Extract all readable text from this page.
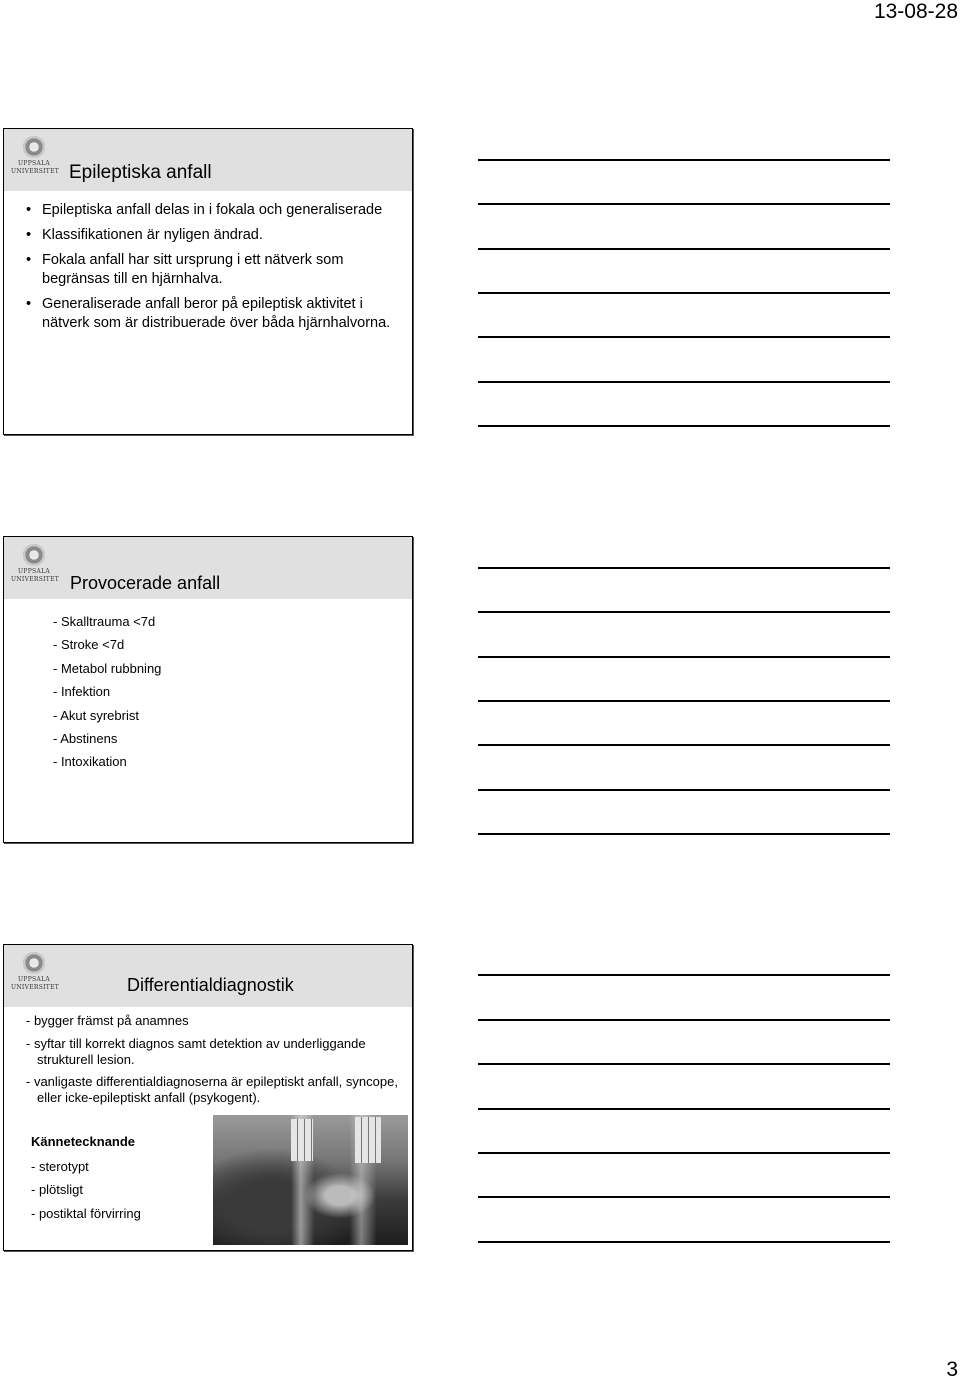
13-08-28
UPPSALA
UNIVERSITET Epileptiska anfall
• Epileptiska anfall delas in i fokala och generaliserade
• Klassifikationen är nyligen ändrad.
• Fokala anfall har sitt ursprung i ett nätverk som begränsas till en hjärnhalva.
• Generaliserade anfall beror på epileptisk aktivitet i nätverk som är distribuerade över båda hjärnhalvorna.
UPPSALA
UNIVERSITET Provocerade anfall
- Skalltrauma <7d
- Stroke <7d
- Metabol rubbning
- Infektion
- Akut syrebrist
- Abstinens
- Intoxikation
UPPSALA
UNIVERSITET	Differentialdiagnostik
- bygger främst på anamnes
- syftar till korrekt diagnos samt detektion av underliggande strukturell lesion.
- vanligaste differentialdiagnoserna är epileptiskt anfall, syncope, eller icke-epileptiskt anfall (psykogent).
Kännetecknande
- sterotypt
- plötsligt
- postiktal förvirring
3
